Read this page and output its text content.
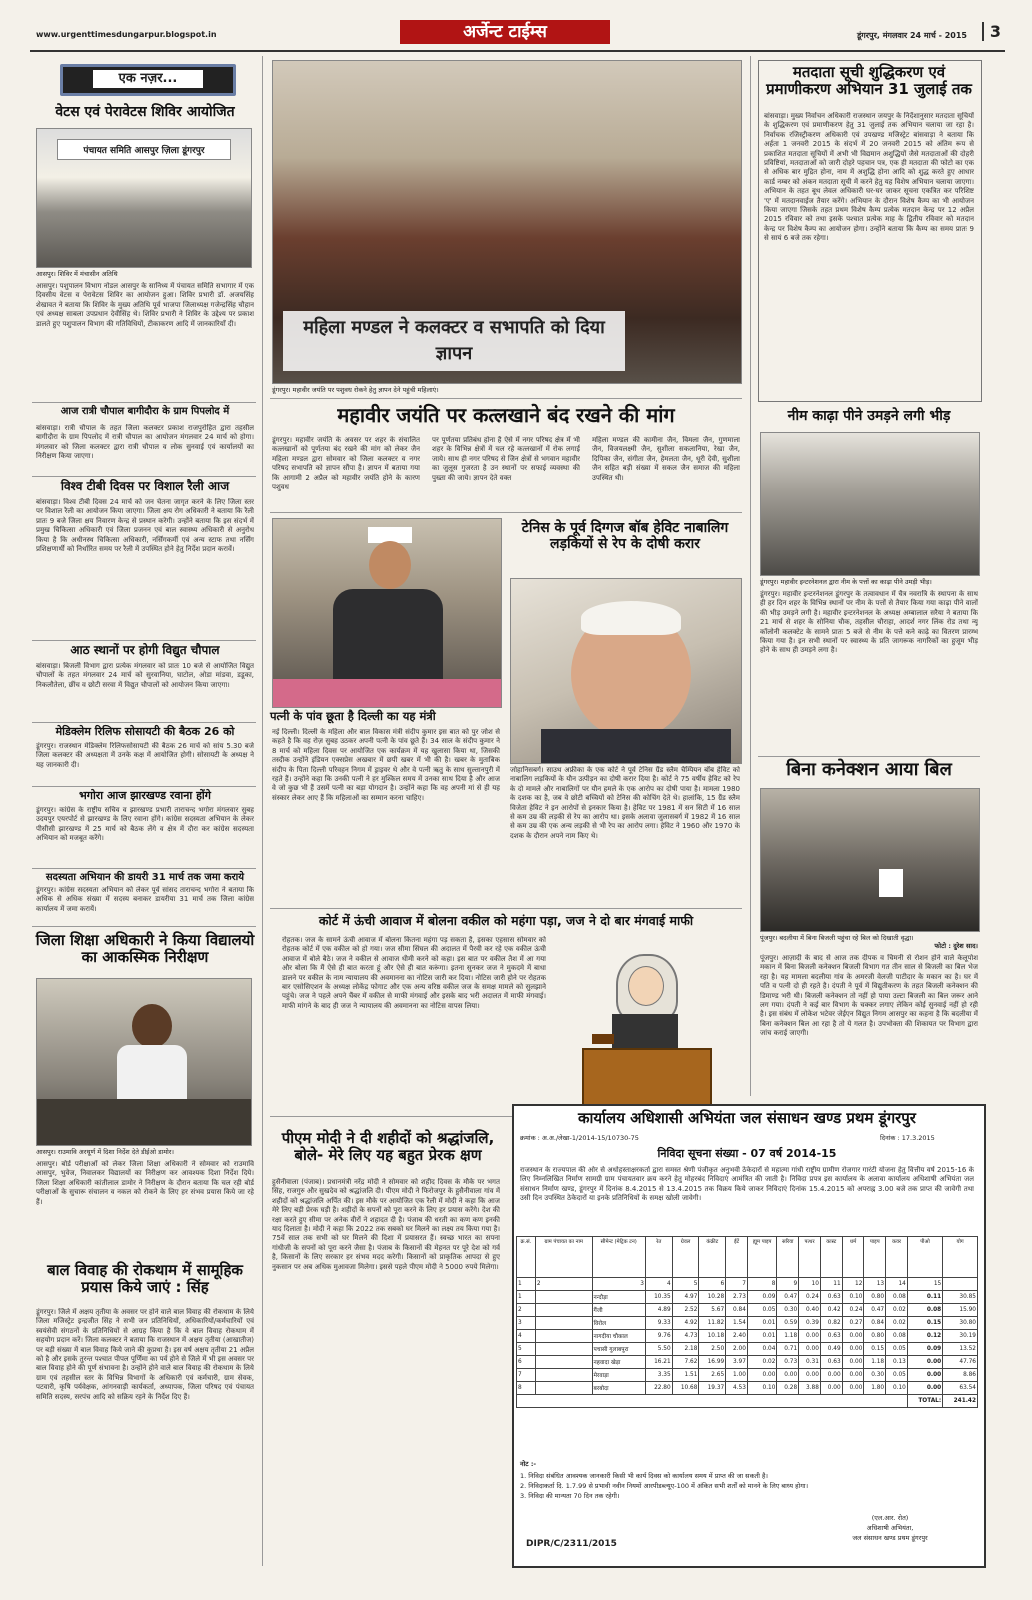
www.urgenttimesdungarpur.blogspot.in	अर्जेन्ट टाईम्स	डूंगरपुर, मंगलवार 24 मार्च - 2015	3
एक नज़र...
वेटस एवं पेरावेटस शिविर आयोजित
पंचायत समिति आसपुर ज़िला डूंगरपुर
आसपुर। शिविर में मंचासीन अतिथि
आसपुर। पशुपालन विभाग नोडल आसपुर के सानिध्य में पंचायत समिति सभागार में एक दिवसीय वेटस व पेरावेटस शिविर का आयोजन हुआ। शिविर प्रभारी डॉ. अजयसिंह शेखावत ने बताया कि शिविर के मुख्य अतिथि पूर्व भाजपा जिलाध्यक्ष गजेन्द्रसिंह चौहान एवं अध्यक्ष साबला उपप्रधान देवीसिंह थे। शिविर प्रभारी ने शिविर के उद्देश्य पर प्रकाश डालते हुए पशुपालन विभाग की गतिविधियों, टीकाकरण आदि में जानकारियाँ दी।
आज रात्री चौपाल बागीदौरा के ग्राम पिपलोद में
बांसवाड़ा। रात्री चौपाल के तहत जिला कलक्टर प्रकाश राजपुरोहित द्वारा तहसील बागीदौरा के ग्राम पिपलोद में रात्री चौपाल का आयोजन मंगलवार 24 मार्च को होगा। मंगलवार को जिला कलक्टर द्वारा रात्री चौपाल व लोक सुनवाई एवं कार्यालयों का निरीक्षण किया जाएगा।
विश्व टीबी दिवस पर विशाल रैली आज
बांसवाड़ा। विश्व टीबी दिवस 24 मार्च को जन चेतना जागृत करने के लिए जिला स्तर पर विशाल रैली का आयोजन किया जाएगा। जिला क्षय रोग अधिकारी ने बताया कि रैली प्रातः 9 बजे जिला क्षय निवारण केन्द्र से प्रस्थान करेगी। उन्होंने बताया कि इस संदर्भ में प्रमुख चिकित्सा अधिकारी एवं जिला प्रजनन एवं बाल स्वास्थ्य अधिकारी से अनुरोध किया है कि अधीनस्थ चिकित्सा अधिकारी, नर्सिंगकर्मी एवं अन्य स्टाफ तथा नर्सिंग प्रशिक्षणार्थी को निर्धारित समय पर रैली में उपस्थित होने हेतु निर्देश प्रदान करावें।
आठ स्थानों पर होगी विद्युत चौपाल
बांसवाड़ा। बिजली विभाग द्वारा प्रत्येक मंगलवार को प्रातः 10 बजे से आयोजित विद्युत चौपालों के तहत मंगलवार 24 मार्च को सुरवानिया, घाटोल, ओडा मांडवा, डडूका, निकलौतेला, छींच व छोटी सरवा में विद्युत चौपालों को आयोजन किया जाएगा।
मेडिक्लेम रिलिफ सोसायटी की बैठक 26 को
डूंगरपुर। राजस्थान मेडिक्लेम रिलिफसोसायटी की बैठक 26 मार्च को सांय 5.30 बजे जिला कलक्टर की अध्यक्षता में उनके कक्ष में आयोजित होगी। सोसायटी के अध्यक्ष ने यह जानकारी दी।
भगोरा आज झारखण्ड रवाना होंगे
डूंगरपुर। कांग्रेस के राष्ट्रीय सचिव व झारखण्ड प्रभारी ताराचन्द भगोरा मंगलवार सुबह उदयपुर एयरपोर्ट से झारखण्ड के लिए रवाना होंगे। कांग्रेस सदस्यता अभियान के लेकर पीसीसी झारखण्ड में 25 मार्च को बैठक लेंगे व क्षेत्र में दौरा कर कांग्रेस सदस्यता अभियान को मजबूत करेंगे।
सदस्यता अभियान की डायरी 31 मार्च तक जमा कराये
डूंगरपुर। कांग्रेस सदस्यता अभियान को लेकर पूर्व सांसद ताराचन्द भगोरा ने बताया कि अधिक से अधिक संख्या में सदस्य बनाकर डायरीया 31 मार्च तक जिला कांग्रेस कार्यालय में जमा करायें।
जिला शिक्षा अधिकारी ने किया विद्यालयो का आकस्मिक निरीक्षण
आसपुर। राउमावि अरथूर्ण में दिशा निर्देश देते डीईओ डामोर।
आसपुर। बोर्ड परीक्षाओं को लेकर जिला शिक्षा अधिकारी ने सोमवार को राउमावि आसपुर, भुवेज, निवालकर विद्यालयों का निरीक्षण कर आवश्यक दिशा निर्देश दिये। जिला शिक्षा अधिकारी कांतीलाल डामोर ने निरीक्षण के दौरान बताया कि चल रही बोर्ड परीक्षाओं के सुचारू संचालन व नकल को रोकने के लिए हर संभव प्रयास किये जा रहे हैं।
बाल विवाह की रोकथाम में सामूहिक प्रयास किये जाएं : सिंह
डूंगरपुर। जिले में अक्षय तृतीया के अवसर पर होने वाले बाल विवाह की रोकथाम के लिये जिला मजिस्ट्रेट इन्द्रजीत सिंह ने सभी जन प्रतिनिधियों, अधिकारियों/कर्मचारियों एवं स्वयंसेवी संगठनों के प्रतिनिधियों से आग्रह किया है कि वे बाल विवाह रोकथाम में सहयोग प्रदान करें। जिला कलक्टर ने बताया कि राजस्थान में अक्षय तृतीया (आखातीज) पर बड़ी संख्या में बाल विवाह किये जाने की कुप्रथा है। इस वर्ष अक्षय तृतीया 21 अप्रैल को है और इसके तुरन्त पश्चात पीपल पूर्णिमा का पर्व होने से जिले में भी इस अवसर पर बाल विवाह होने की पूर्ण संभावना है। उन्होंने होने वाले बाल विवाह की रोकथाम के लिये ग्राम एवं तहसील स्तर के विभिन्न विभागों के अधिकारी एवं कर्मचारी, ग्राम सेवक, पटवारी, कृषि पर्यवेक्षक, आंगनवाड़ी कार्यकर्ता, अध्यापक, जिला परिषद एवं पंचायत समिति सदस्य, सरपंच आदि को सक्रिय रहने के निर्देश दिए हैं।
महिला मण्डल ने कलक्टर व सभापति को दिया ज्ञापन
डूंगरपुर। महावीर जयंति पर पशुवध रोकने हेतु ज्ञापन देने पहुंची महिलाएं।
महावीर जयंति पर कत्लखाने बंद रखने की मांग
डूंगरपुर। महावीर जयंति के अवसर पर शहर के संचालित कत्लखानों को पूर्णतया बंद रखने की मांग को लेकर जैन महिला मण्डल द्वारा सोमवार को जिला कलक्टर व नगर परिषद सभापति को ज्ञापन सौंपा है। ज्ञापन में बताया गया कि आगामी 2 अप्रैल को महावीर जयंति होने के कारण पशुवध
पर पूर्णतया प्रतिबंध होना है ऐसे में नगर परिषद क्षेत्र में भी शहर के विभिन्न क्षेत्रों में चल रहे कत्लखानों में रोक लगाई जाये। साथ ही नगर परिषद से जिन क्षेत्रों से भगवान महावीर का जुलूस गुजरता है उन स्थानों पर सफाई व्यवस्था की पुख्ता की जाये। ज्ञापन देते वक्त
महिला मण्डल की कामीना जैन, विमला जैन, गुणमाला जैन, विजयलक्ष्मी जैन, सुशीला सकलानिया, रेखा जैन, दिपिका जैन, संगीता जैन, हेमलता जैन, धूरी देवी, सुशीला जैन सहित बड़ी संख्या में सकल जैन समाज की महिला उपस्थित थी।
पत्नी के पांव छूता है दिल्ली का यह मंत्री
नई दिल्ली। दिल्ली के महिला और बाल विकास मंत्री संदीप कुमार इस बात को पुर जोश से कहते है कि वह रोज़ सुबह उठकर अपनी पत्नी के पांव छूते हैं। 34 साल के संदीप कुमार ने 8 मार्च को महिला दिवस पर आयोजित एक कार्यक्रम में यह खुलासा किया था, जिसकी तस्दीक उन्होंने इंडियन एक्सप्रेस अखबार में छपी खबर में भी की है। खबर के मुताबिक संदीप के पिता दिल्ली परिवहन निगम में ड्राइवर थे और वे पत्नी ऋतु के साथ सुल्तानपुरी में रहते हैं। उन्होंने कहा कि उनकी पत्नी ने हर मुश्किल समय में उनका साथ दिया है और आज वे जो कुछ भी हैं उसमें पत्नी का बड़ा योगदान है। उन्होंने कहा कि वह अपनी मां से ही यह संस्कार लेकर आए हैं कि महिलाओं का सम्मान करना चाहिए।
टेनिस के पूर्व दिग्गज बॉब हेविट नाबालिग लड़कियों से रेप के दोषी करार
जोहानिसबर्ग। साउथ अफ्रीका के एक कोर्ट ने पूर्व टेनिस ग्रैंड स्लैम चैम्पियन बॉब हेविट को नाबालिग लड़कियों के यौन उत्पीड़न का दोषी करार दिया है। कोर्ट ने 75 वर्षीय हेविट को रेप के दो मामले और नाबालिगों पर यौन हमले के एक आरोप का दोषी पाया है। मामला 1980 के दशक का है, जब वे छोटी बच्चियों को टेनिस की कोचिंग देते थे। हालांकि, 15 ग्रैंड स्लैम विजेता हेविट ने इन आरोपों से इनकार किया है। हेविट पर 1981 में सन सिटी में 16 साल से कम उम्र की लड़की से रेप का आरोप था। इसके अलावा जुलासबर्ग में 1982 में 16 साल से कम उम्र की एक अन्य लड़की से भी रेप का आरोप लगा। हेविट ने 1960 और 1970 के दशक के दौरान अपने नाम किए थे।
कोर्ट में ऊंची आवाज में बोलना वकील को महंगा पड़ा, जज ने दो बार मंगवाई माफी
रोहतक। जज के सामने ऊंची आवाज में बोलना कितना महंगा पड़ सकता है, इसका एहसास सोमवार को रोहतक कोर्ट में एक वकील को हो गया। जज सीमा सिंघल की अदालत में पैरवी कर रहे एक वकील ऊंची आवाज में बोले बैठे। जज ने वकील से आवाज धीमी करने को कहा। इस बात पर वकील तैश में आ गया और बोला कि मैं ऐसे ही बात करता हूं और ऐसे ही बात करूंगा। इतना सुनकर जज ने मुकदमे में बाधा डालने पर वकील के नाम न्यायालय की अवमानना का नोटिस जारी कर दिया। नोटिस जारी होने पर रोहतक बार एसोसिएशन के अध्यक्ष लोकेंद्र फोगाट और एक अन्य वरिष्ठ वकील जज के समक्ष मामले को सुलझाने पहुंचे। जज ने पहले अपने चैंबर में वकील से माफी मंगवाई और इसके बाद भरी अदालत में माफी मंगवाई। माफी मांगने के बाद ही जज ने न्यायालय की अवमानना का नोटिस वापस लिया।
पीएम मोदी ने दी शहीदों को श्रद्धांजलि, बोले- मेरे लिए यह बहुत प्रेरक क्षण
हुसैनीवाला (पंजाब)। प्रधानमंत्री नरेंद्र मोदी ने सोमवार को शहीद दिवस के मौके पर भगत सिंह, राजगुरु और सुखदेव को श्रद्धांजलि दी। पीएम मोदी ने फिरोजपुर के हुसैनीवाला गांव में शहीदों को श्रद्धांजलि अर्पित की। इस मौके पर आयोजित एक रैली में मोदी ने कहा कि आज मेरे लिए बड़ी प्रेरक घड़ी है। शहीदों के सपनों को पूरा करने के लिए हर प्रयास करेंगे। देश की रक्षा करते हुए सीमा पर अनेक वीरों ने शहादत दी है। पंजाब की धरती का कण कण इनकी याद दिलाता है। मोदी ने कहा कि 2022 तक सबको घर मिलने का लक्ष्य तय किया गया है। 75वें साल तक सभी को घर मिलने की दिशा में प्रयासरत हैं। स्वच्छ भारत का सपना गांधीजी के सपनों को पूरा करने जैसा है। पंजाब के किसानों की मेहनत पर पूरे देश को गर्व है, किसानों के लिए सरकार हर संभव मदद करेगी। किसानों को प्राकृतिक आपदा से हुए नुकसान पर अब अधिक मुआवजा मिलेगा। इससे पहले पीएम मोदी ने 5000 रुपये मिलेगा।
मतदाता सूची शुद्धिकरण एवं प्रमाणीकरण अभियान 31 जुलाई तक
बांसवाड़ा। मुख्य निर्वाचन अधिकारी राजस्थान जयपुर के निर्देशानुसार मतदाता सूचियों के शुद्धिकरण एवं प्रमाणीकरण हेतु 31 जुलाई तक अभियान चलाया जा रहा है। निर्वाचक रजिस्ट्रीकरण अधिकारी एवं उपखण्ड मजिस्ट्रेट बांसवाड़ा ने बताया कि अर्हता 1 जनवरी 2015 के संदर्भ में 20 जनवरी 2015 को अंतिम रूप से प्रकाशित मतदाता सूचियों में अभी भी विद्यमान अशुद्धियों जैसे मतदाताओं की दोहरी प्रविष्टियां, मतदाताओं को जारी दोहरे पहचान पत्र, एक ही मतदाता की फोटो का एक से अधिक बार मुद्रित होना, नाम में अशुद्धि होना आदि को शुद्ध करते हुए आधार कार्ड नम्बर को अंकन मतदाता सूची में करने हेतु यह विशेष अभियान चलाया जाएगा। अभियान के तहत बूथ लेवल अधिकारी घर-घर जाकर सूचना एकत्रित कर परिशिष्ट 'ए' में मतदानवाईज तैयार करेंगे। अभियान के दौरान विशेष कैम्प का भी आयोजन किया जाएगा जिसके तहत प्रथम विशेष कैम्प प्रत्येक मतदान केन्द्र पर 12 अप्रैल 2015 रविवार को तथा इसके पश्चात प्रत्येक माह के द्वितीय रविवार को मतदान केन्द्र पर विशेष कैम्प का आयोजन होगा। उन्होंने बताया कि कैम्प का समय प्रातः 9 से सायं 6 बजे तक रहेगा।
नीम काढ़ा पीने उमड़ने लगी भीड़
डूंगरपुर। महावीर इन्टरनेशनल द्वारा नीम के पत्तों का काढ़ा पीने उमड़ी भीड़।
डूंगरपुर। महावीर इन्टरनेशनल डूंगरपुर के तत्वावधान में चैत्र नवरात्रि के स्थापना के साथ ही हर दिन शहर के विभिन्न स्थानों पर नीम के पत्तों से तैयार किया गया काढ़ा पीने वालों की भीड़ उमड़ने लगी है। महावीर इन्टरनेशनल के अध्यक्ष अम्बालाल सरैया ने बताया कि 21 मार्च से शहर के सोनिया चौक, तहसील चौराहा, आदर्श नगर लिंक रोड तथा न्यू कॉलोनी कलक्टेट के सामने प्रातः 5 बजे से नीम के पत्ते कने काढ़े का वितरण प्रारम्भ किया गया है। इन सभी स्थानों पर स्वास्थ्य के प्रति जागरूक नागरिकों का हुजूम भीड़ होने के साथ ही उमड़ने लगा है।
बिना कनेक्शन आया बिल
पूंजपुर। बदलीया में बिना बिजली पहुंचा रहे बिल को दिखाती वृद्धा।
फोटो : दुरेश साद।
पूंजपुर। आज़ादी के बाद से आज तक दीपक व चिमनी से रोशन होने वाले केलूपोश मकान में बिना बिजली कनेक्शन बिजली विभाग गत तीन साल से बिजली का बिल भेज रहा है। यह मामला बदलीया गांव के अमरजी वेलजी पाटीदार के मकान का है। घर में पति व पत्नी दो ही रहते है। दंपती ने पूर्व में विद्युतीकरण के तहत बिजली कनेक्शन की डिमाण्ड भरी थी। बिजली कनेक्शन तो नहीं हो पाया उल्टा बिजली का बिल जरूर आने लग गया। दंपती ने कई बार विभाग के चक्कर लगाए लेकिन कोई सुनवाई नहीं हो रही है। इस संबंध में लोकेश भटेवर जेईएन विद्युत निगम आसपुर का कहना है कि बदलीया में बिना कनेक्शन बिल आ रहा है तो ये गलत है। उपभोक्ता की शिकायत पर विभाग द्वारा जांच कराई जाएगी।
कार्यालय अधिशासी अभियंता जल संसाधन खण्ड प्रथम डूंगरपुर
क्रमांक : अ.अ./लेखा-1/2014-15/10730-75	दिनांक : 17.3.2015
निविदा सूचना संख्या - 07 वर्ष 2014-15
राजस्थान के राज्यपाल की ओर से अधोहस्ताक्षरकर्ता द्वारा समस्त श्रेणी पंजीकृत अनुभवी ठेकेदारों से महात्मा गांधी राष्ट्रीय ग्रामीण रोजगार गारंटी योजना हेतु वित्तीय वर्ष 2015-16 के लिए निम्नलिखित निर्माण सामग्री ग्राम पंचायतवार क्रय करने हेतु मोहरबंद निविदाएं आमंत्रित की जाती है। निविदा प्रपत्र इस कार्यालय के अलावा कार्यालय अधिशाषी अभियंता जल संसाधन निर्माण खण्ड, डूंगरपुर में दिनांक 8.4.2015 से 13.4.2015 तक विक्रय किये जाकर निविदाएं दिनांक 15.4.2015 को अपराह्न 3.00 बजे तक प्राप्त की जावेगी तथा उसी दिन उपस्थित ठेकेदारों या इनके प्रतिनिधियों के समक्ष खोली जावेगी।
क्र.सं.	ग्राम पंचायत का नाम	सीमेन्ट (मेट्रिक टन)	रेत	ग्रेवल	कंक्रीट	ईंटें	ह्यूम पाइप	सरिया	पत्थर	कास्ट	धर्म	पाइप	कवर	पीओ	योग
1	2	3	4	5	6	7	8	9	10	11	12	13	14	15	
1		नन्दौड़ा	10.35	4.97	10.28	2.73	0.09	0.47	0.24	0.63	0.10	0.80	0.08	0.11	30.85
2		गैंजी	4.89	2.52	5.67	0.84	0.05	0.30	0.40	0.42	0.24	0.47	0.02	0.08	15.90
3		विरोल	9.33	4.92	11.82	1.54	0.01	0.59	0.39	0.82	0.27	0.84	0.02	0.15	30.80
4		नागदीया चौकाल	9.76	4.73	10.18	2.40	0.01	1.18	0.00	0.63	0.00	0.80	0.08	0.12	30.19
5		पचासी गुलाबपुरा	5.50	2.18	2.50	2.00	0.04	0.71	0.00	0.49	0.00	0.15	0.05	0.09	13.52
6		नहवादा खेड़ा	16.21	7.62	16.99	3.97	0.02	0.73	0.31	0.63	0.00	1.18	0.13	0.00	47.76
7		मेरवाड़ा	3.35	1.51	2.65	1.00	0.00	0.00	0.00	0.00	0.00	0.30	0.05	0.00	8.86
8		बरबोदा	22.80	10.68	19.37	4.53	0.10	0.28	3.88	0.00	0.00	1.80	0.10	0.00	63.54
														TOTAL:	241.42
नोट :-
1. निविदा संबंधित आवश्यक जानकारी किसी भी कार्य दिवस को कार्यालय समय में प्राप्त की जा सकती है।
2. निविदाकर्ता दि. 1.7.99 से प्रभावी नवीन नियमों आरपीडब्ल्यूए-100 में अंकित सभी शर्तों को मानने के लिए बाध्य होगा।
3. निविदा की मान्यता 70 दिन तक रहेगी।
(एल.आर. रोत)
अधिशाषी अभियंता,
जल संसाधन खण्ड प्रथम डूंगरपुर
DIPR/C/2311/2015
